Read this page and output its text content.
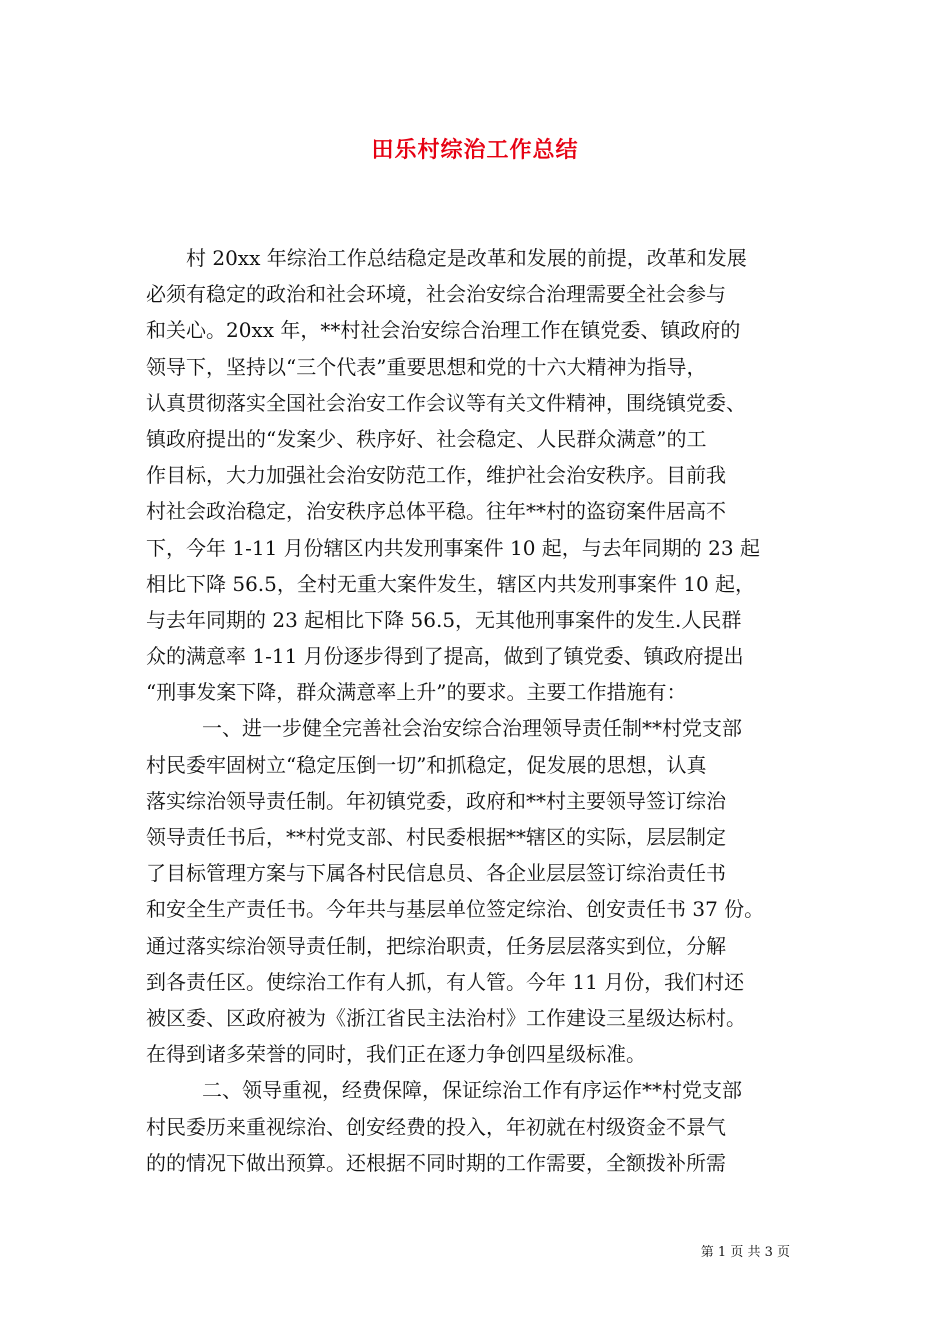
田乐村综治工作总结
村 20xx 年综治工作总结稳定是改革和发展的前提，改革和发展
必须有稳定的政治和社会环境，社会治安综合治理需要全社会参与
和关心。20xx 年，**村社会治安综合治理工作在镇党委、镇政府的
领导下，坚持以“三个代表”重要思想和党的十六大精神为指导，
认真贯彻落实全国社会治安工作会议等有关文件精神，围绕镇党委、
镇政府提出的“发案少、秩序好、社会稳定、人民群众满意”的工
作目标，大力加强社会治安防范工作，维护社会治安秩序。目前我
村社会政治稳定，治安秩序总体平稳。往年**村的盗窃案件居高不
下，今年 1-11 月份辖区内共发刑事案件 10 起，与去年同期的 23 起
相比下降 56.5，全村无重大案件发生，辖区内共发刑事案件 10 起，
与去年同期的 23 起相比下降 56.5，无其他刑事案件的发生.人民群
众的满意率 1-11 月份逐步得到了提高，做到了镇党委、镇政府提出
“刑事发案下降，群众满意率上升”的要求。主要工作措施有：
一、进一步健全完善社会治安综合治理领导责任制**村党支部
村民委牢固树立“稳定压倒一切”和抓稳定，促发展的思想，认真
落实综治领导责任制。年初镇党委，政府和**村主要领导签订综治
领导责任书后，**村党支部、村民委根据**辖区的实际，层层制定
了目标管理方案与下属各村民信息员、各企业层层签订综治责任书
和安全生产责任书。今年共与基层单位签定综治、创安责任书 37 份。
通过落实综治领导责任制，把综治职责，任务层层落实到位，分解
到各责任区。使综治工作有人抓，有人管。今年 11 月份，我们村还
被区委、区政府被为《浙江省民主法治村》工作建设三星级达标村。
在得到诸多荣誉的同时，我们正在逐力争创四星级标准。
二、领导重视，经费保障，保证综治工作有序运作**村党支部
村民委历来重视综治、创安经费的投入，年初就在村级资金不景气
的的情况下做出预算。还根据不同时期的工作需要，全额拨补所需
第 1 页 共 3 页
